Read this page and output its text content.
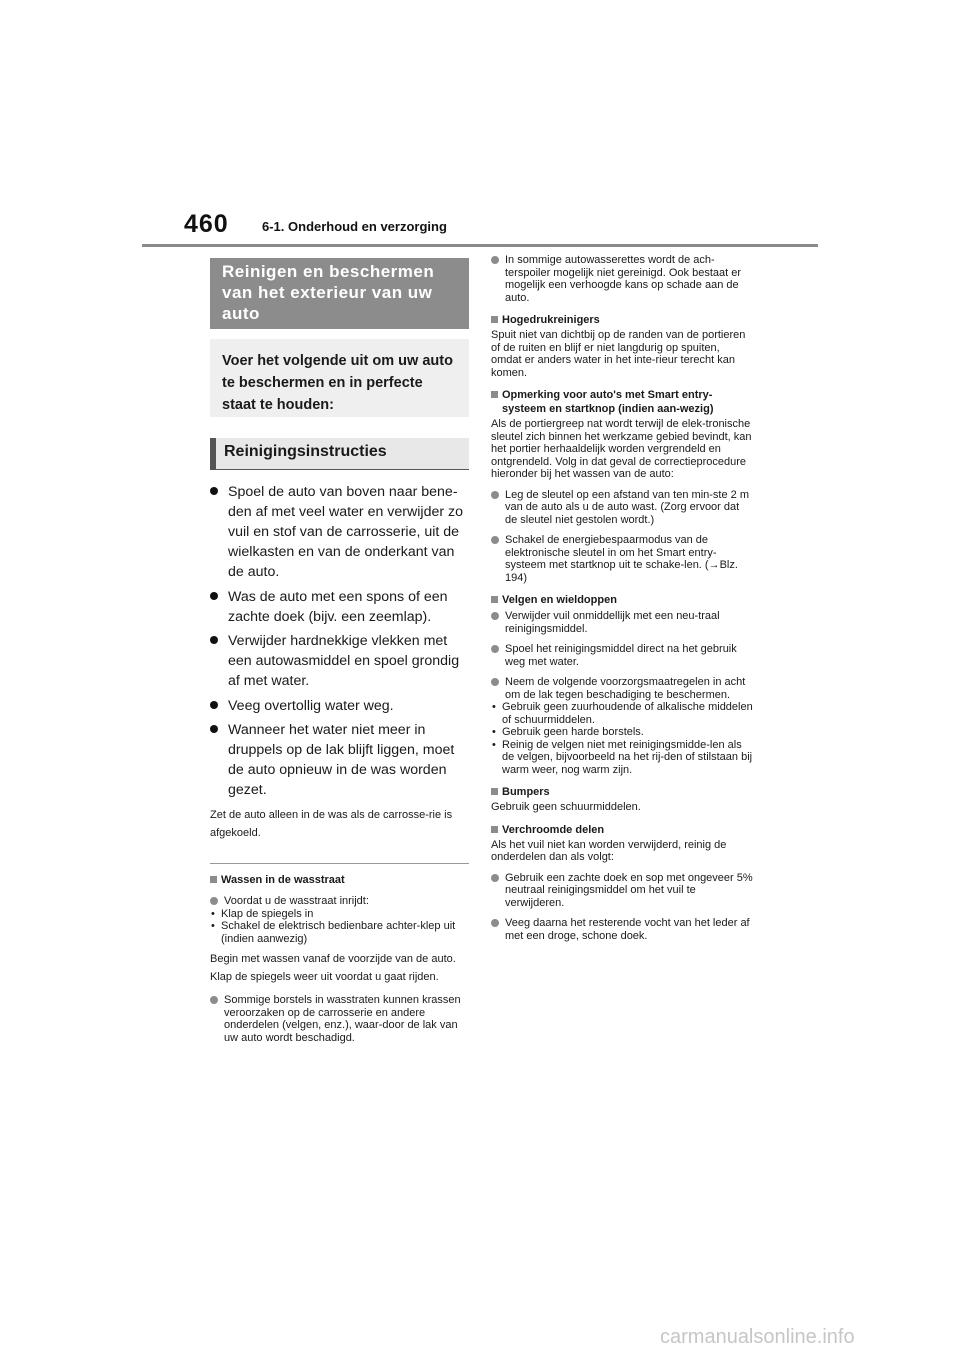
460	6-1. Onderhoud en verzorging
Reinigen en beschermen van het exterieur van uw auto
Voer het volgende uit om uw auto te beschermen en in perfecte staat te houden:
Reinigingsinstructies
Spoel de auto van boven naar bene-den af met veel water en verwijder zo vuil en stof van de carrosserie, uit de wielkasten en van de onderkant van de auto.
Was de auto met een spons of een zachte doek (bijv. een zeemlap).
Verwijder hardnekkige vlekken met een autowasmiddel en spoel grondig af met water.
Veeg overtollig water weg.
Wanneer het water niet meer in druppels op de lak blijft liggen, moet de auto opnieuw in de was worden gezet.
Zet de auto alleen in de was als de carrosse-rie is afgekoeld.
Wassen in de wasstraat
Voordat u de wasstraat inrijdt:
• Klap de spiegels in
• Schakel de elektrisch bedienbare achter-klep uit (indien aanwezig)
Begin met wassen vanaf de voorzijde van de auto. Klap de spiegels weer uit voordat u gaat rijden.
Sommige borstels in wasstraten kunnen krassen veroorzaken op de carrosserie en andere onderdelen (velgen, enz.), waar-door de lak van uw auto wordt beschadigd.
In sommige autowasserettes wordt de ach-terspoiler mogelijk niet gereinigd. Ook bestaat er mogelijk een verhoogde kans op schade aan de auto.
Hogedrukreinigers
Spuit niet van dichtbij op de randen van de portieren of de ruiten en blijf er niet langdurig op spuiten, omdat er anders water in het inte-rieur terecht kan komen.
Opmerking voor auto's met Smart entry-systeem en startknop (indien aan-wezig)
Als de portiergreep nat wordt terwijl de elek-tronische sleutel zich binnen het werkzame gebied bevindt, kan het portier herhaaldelijk worden vergrendeld en ontgrendeld. Volg in dat geval de correctieprocedure hieronder bij het wassen van de auto:
Leg de sleutel op een afstand van ten min-ste 2 m van de auto als u de auto wast. (Zorg ervoor dat de sleutel niet gestolen wordt.)
Schakel de energiebespaarmodus van de elektronische sleutel in om het Smart entry-systeem met startknop uit te schake-len. (→Blz. 194)
Velgen en wieldoppen
Verwijder vuil onmiddellijk met een neu-traal reinigingsmiddel.
Spoel het reinigingsmiddel direct na het gebruik weg met water.
Neem de volgende voorzorgsmaatregelen in acht om de lak tegen beschadiging te beschermen.
• Gebruik geen zuurhoudende of alkalische middelen of schuurmiddelen.
• Gebruik geen harde borstels.
• Reinig de velgen niet met reinigingsmidde-len als de velgen, bijvoorbeeld na het rij-den of stilstaan bij warm weer, nog warm zijn.
Bumpers
Gebruik geen schuurmiddelen.
Verchroomde delen
Als het vuil niet kan worden verwijderd, reinig de onderdelen dan als volgt:
Gebruik een zachte doek en sop met ongeveer 5% neutraal reinigingsmiddel om het vuil te verwijderen.
Veeg daarna het resterende vocht van het leder af met een droge, schone doek.
carmanualsonline.info
